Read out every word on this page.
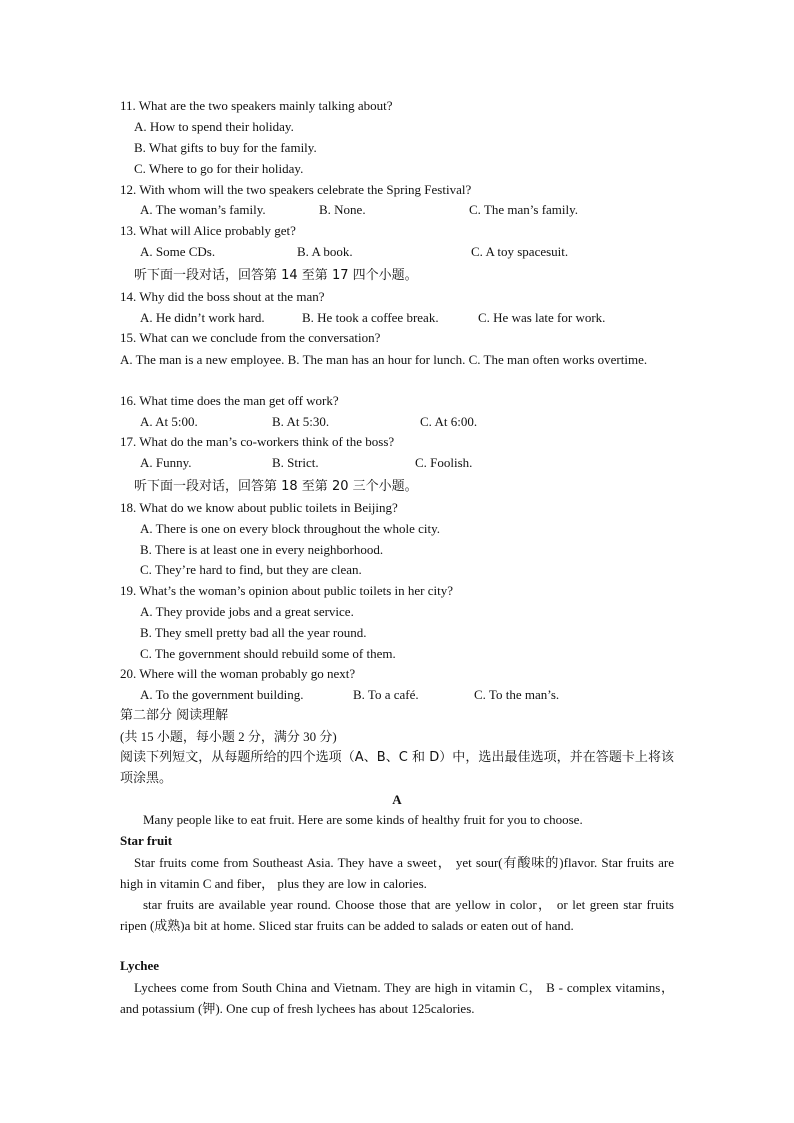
11. What are the two speakers mainly talking about?
A. How to spend their holiday.
B. What gifts to buy for the family.
C. Where to go for their holiday.
12. With whom will the two speakers celebrate the Spring Festival?
A. The woman’s family.	B. None.	C. The man’s family.
13. What will Alice probably get?
A. Some CDs.	B. A book.	C. A toy spacesuit.
听下面一段对话，回答第 14 至第 17 四个小题。
14. Why did the boss shout at the man?
A. He didn’t work hard.	B. He took a coffee break.	C. He was late for work.
15. What can we conclude from the conversation?
A. The man is a new employee. B. The man has an hour for lunch. C. The man often works overtime.
16. What time does the man get off work?
A. At 5:00.	B. At 5:30.	C. At 6:00.
17. What do the man’s co-workers think of the boss?
A. Funny.	B. Strict.	C. Foolish.
听下面一段对话，回答第 18 至第 20 三个小题。
18. What do we know about public toilets in Beijing?
A. There is one on every block throughout the whole city.
B. There is at least one in every neighborhood.
C. They’re hard to find, but they are clean.
19. What’s the woman’s opinion about public toilets in her city?
A. They provide jobs and a great service.
B. They smell pretty bad all the year round.
C. The government should rebuild some of them.
20. Where will the woman probably go next?
A. To the government building.	B. To a café.	C. To the man’s.
第二部分 阅读理解
(共 15 小题，每小题 2 分，满分 30 分)
阅读下列短文，从每题所给的四个选项（A、B、C 和 D）中，选出最佳选项，并在答题卡上将该项涂黑。
A
Many people like to eat fruit. Here are some kinds of healthy fruit for you to choose.
Star fruit
Star fruits come from Southeast Asia. They have a sweet， yet sour(有酸味的)flavor. Star fruits are high in vitamin C and fiber， plus they are low in calories.
star fruits are available year round. Choose those that are yellow in color， or let green star fruits ripen (成熟)a bit at home. Sliced star fruits can be added to salads or eaten out of hand.
Lychee
Lychees come from South China and Vietnam. They are high in vitamin C， B - complex vitamins， and potassium (钾). One cup of fresh lychees has about 125calories.
